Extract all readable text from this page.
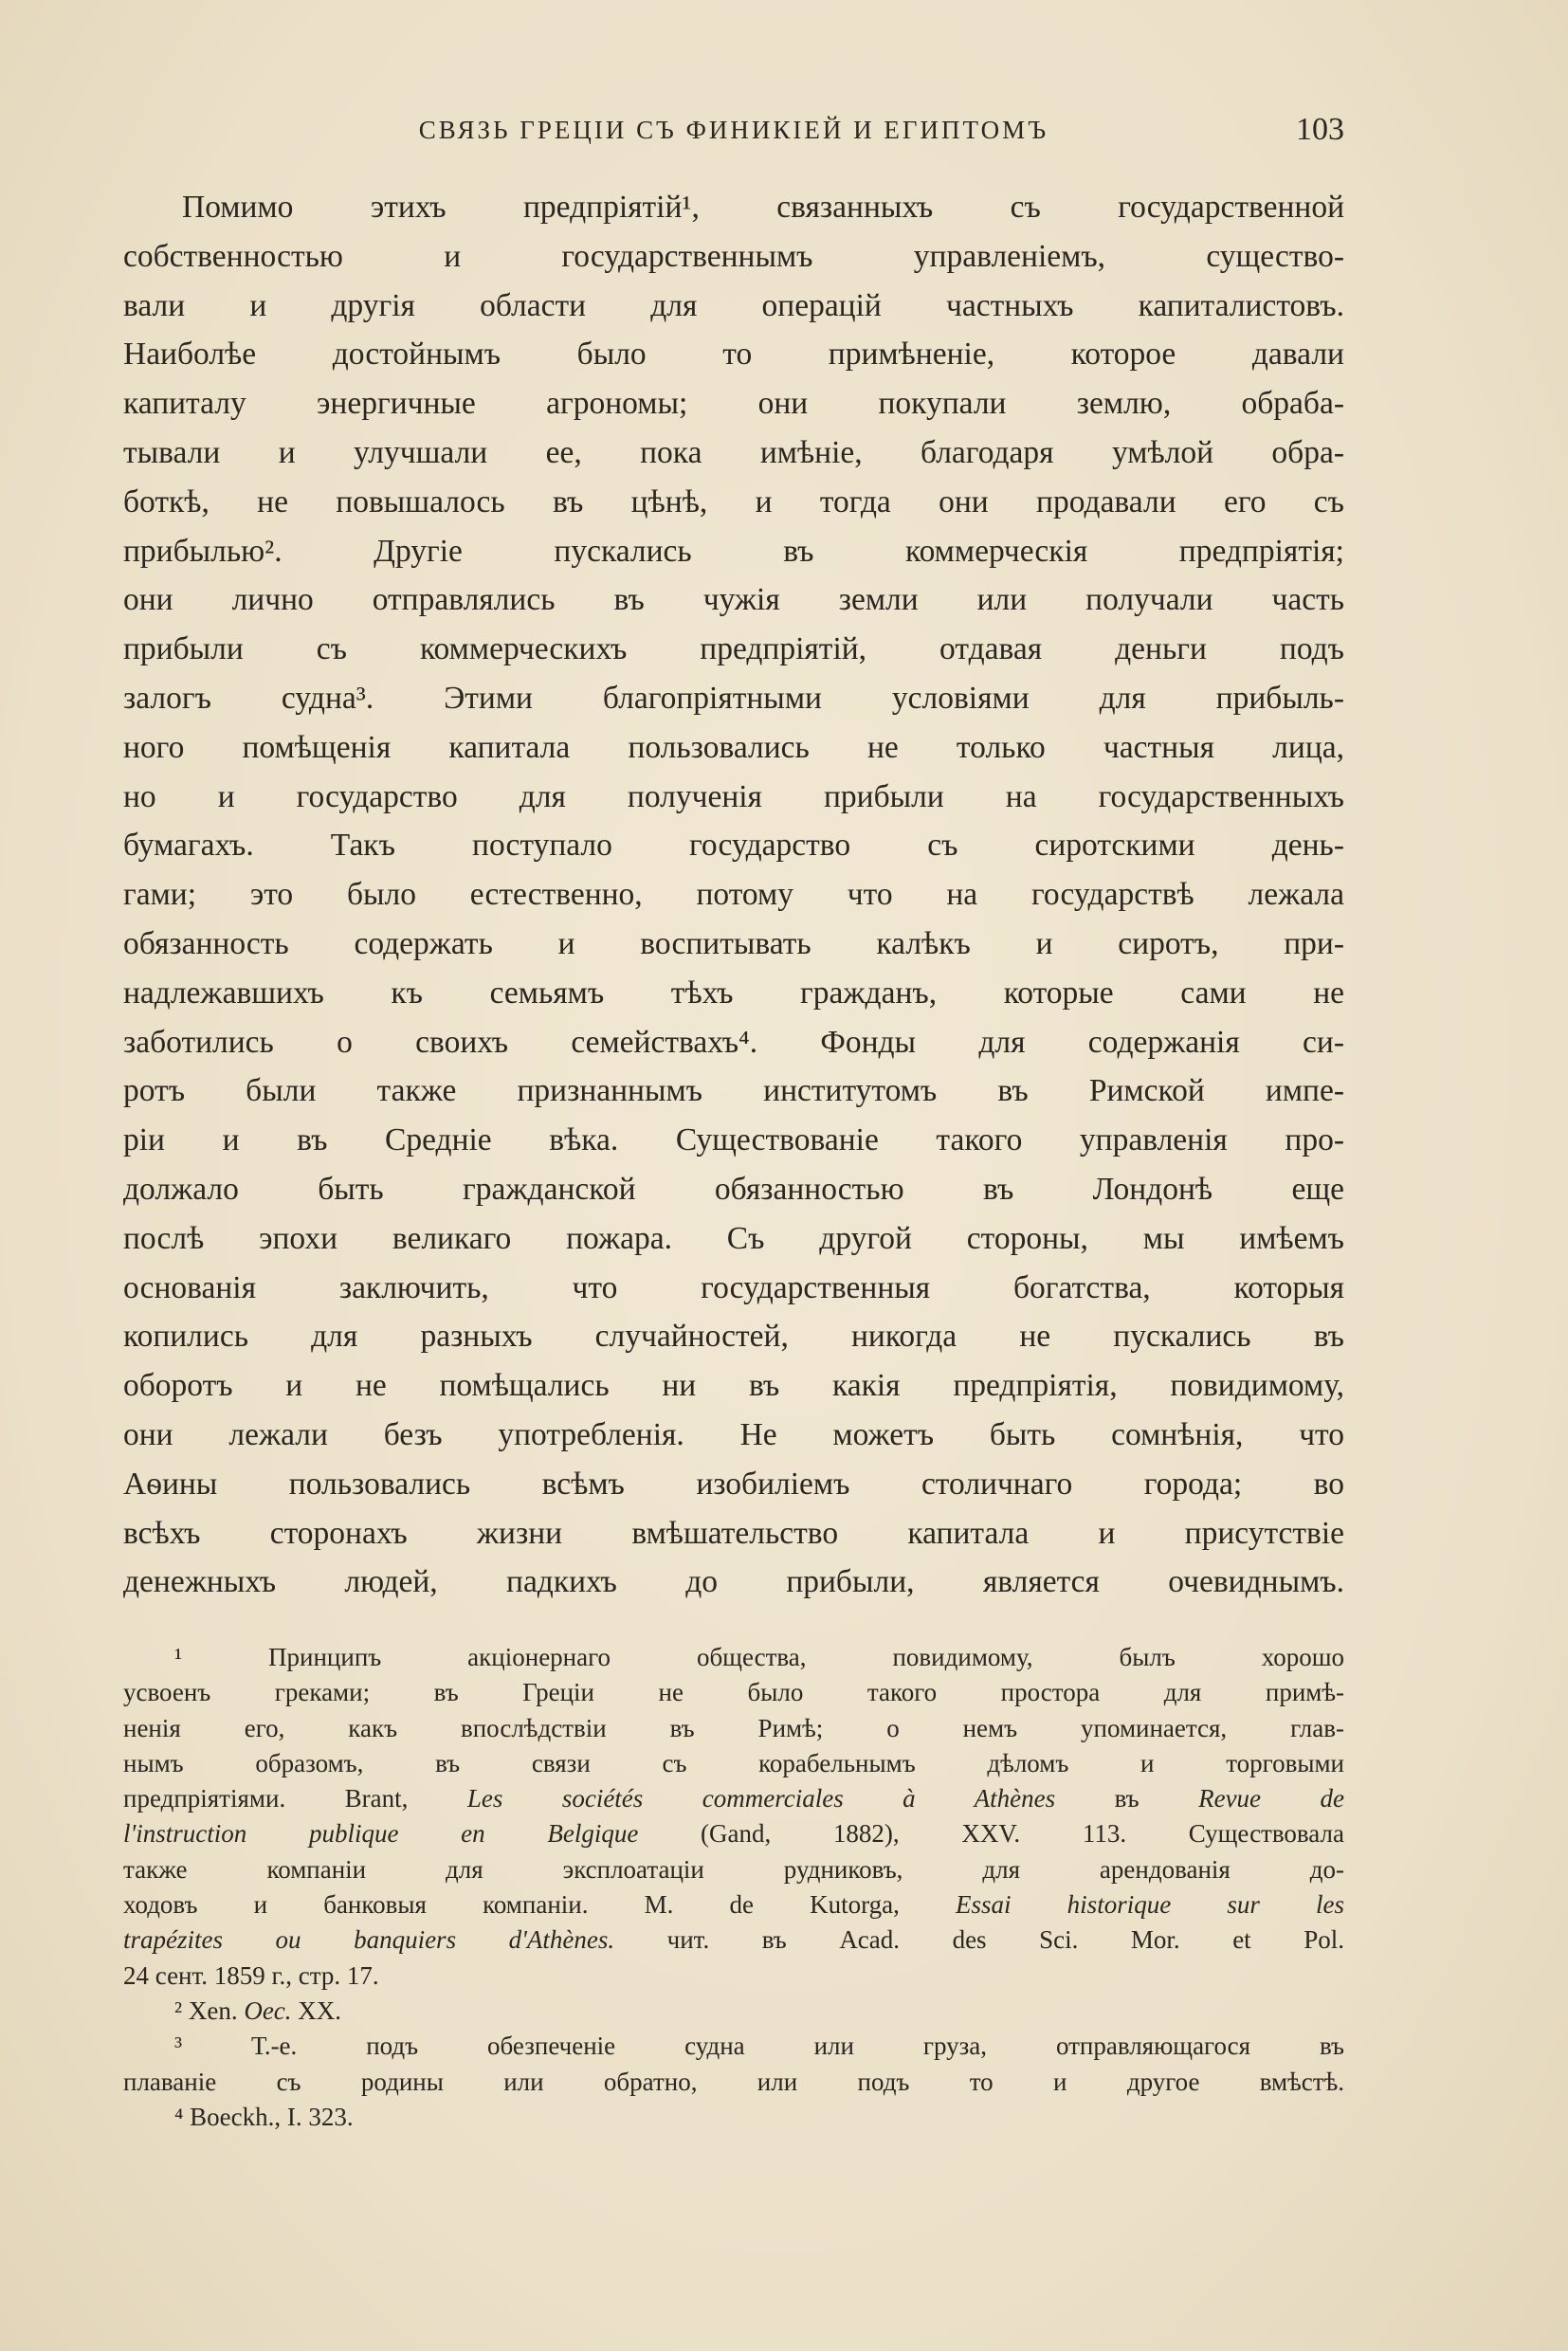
СВЯЗЬ ГРЕЦІИ СЪ ФИНИКІЕЙ И ЕГИПТОМЪ	103
Помимо этихъ предпріятій¹, связанныхъ съ государственной
собственностью и государственнымъ управленіемъ, существо-
вали и другія области для операцій частныхъ капиталистовъ.
Наиболѣе достойнымъ было то примѣненіе, которое давали
капиталу энергичные агрономы; они покупали землю, обраба-
тывали и улучшали ее, пока имѣніе, благодаря умѣлой обра-
боткѣ, не повышалось въ цѣнѣ, и тогда они продавали его съ
прибылью². Другіе пускались въ коммерческія предпріятія;
они лично отправлялись въ чужія земли или получали часть
прибыли съ коммерческихъ предпріятій, отдавая деньги подъ
залогъ судна³. Этими благопріятными условіями для прибыль-
ного помѣщенія капитала пользовались не только частныя лица,
но и государство для полученія прибыли на государственныхъ
бумагахъ. Такъ поступало государство съ сиротскими день-
гами; это было естественно, потому что на государствѣ лежала
обязанность содержать и воспитывать калѣкъ и сиротъ, при-
надлежавшихъ къ семьямъ тѣхъ гражданъ, которые сами не
заботились о своихъ семействахъ⁴. Фонды для содержанія си-
ротъ были также признаннымъ институтомъ въ Римской импе-
ріи и въ Средніе вѣка. Существованіе такого управленія про-
должало быть гражданской обязанностью въ Лондонѣ еще
послѣ эпохи великаго пожара. Съ другой стороны, мы имѣемъ
основанія заключить, что государственныя богатства, которыя
копились для разныхъ случайностей, никогда не пускались въ
оборотъ и не помѣщались ни въ какія предпріятія, повидимому,
они лежали безъ употребленія. Не можетъ быть сомнѣнія, что
Аѳины пользовались всѣмъ изобиліемъ столичнаго города; во
всѣхъ сторонахъ жизни вмѣшательство капитала и присутствіе
денежныхъ людей, падкихъ до прибыли, является очевиднымъ.
¹ Принципъ акціонернаго общества, повидимому, былъ хорошо
усвоенъ греками; въ Греціи не было такого простора для примѣ-
ненія его, какъ впослѣдствіи въ Римѣ; о немъ упоминается, глав-
нымъ образомъ, въ связи съ корабельнымъ дѣломъ и торговыми
предпріятіями. Brant, Les sociétés commerciales à Athènes въ Revue de
l'instruction publique en Belgique (Gand, 1882), XXV. 113. Существовала
также компаніи для эксплоатаціи рудниковъ, для арендованія до-
ходовъ и банковыя компаніи. M. de Kutorga, Essai historique sur les
trapézites ou banquiers d'Athènes. чит. въ Acad. des Sci. Mor. et Pol.
24 сент. 1859 г., стр. 17.
² Xen. Oec. XX.
³ Т.-е. подъ обезпеченіе судна или груза, отправляющагося въ
плаваніе съ родины или обратно, или подъ то и другое вмѣстѣ.
⁴ Boeckh., I. 323.
